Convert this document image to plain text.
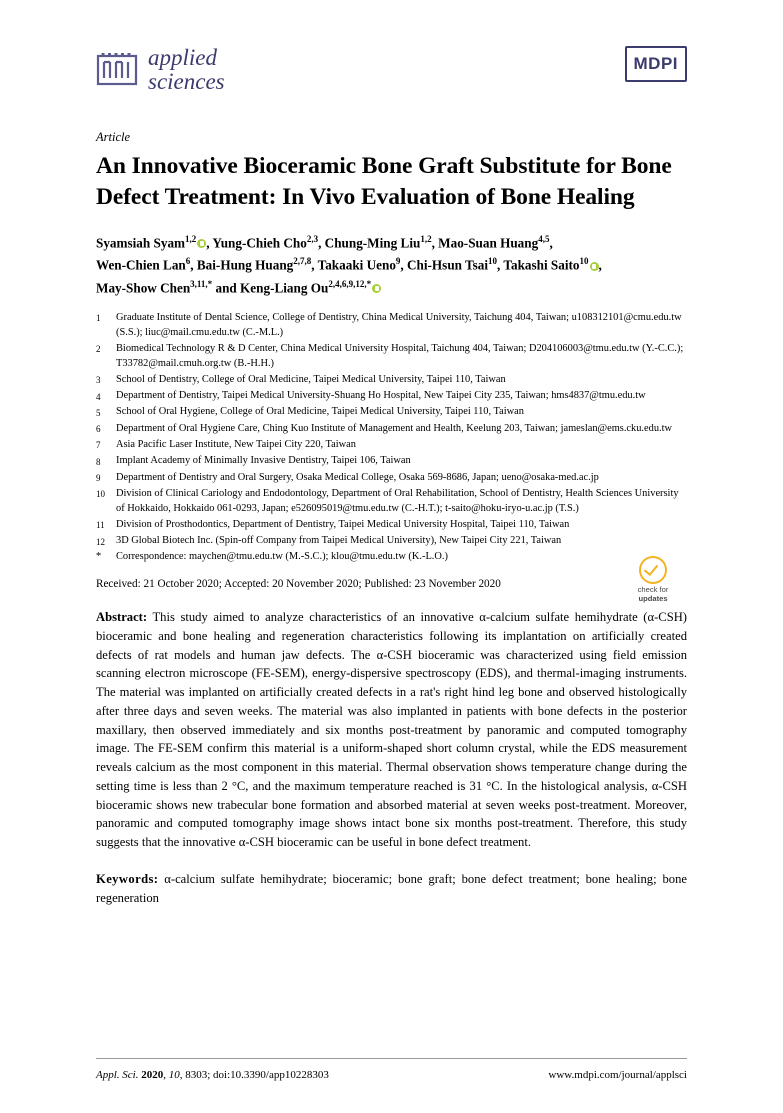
applied
sciences
MDPI
Article
An Innovative Bioceramic Bone Graft Substitute for Bone Defect Treatment: In Vivo Evaluation of Bone Healing
Syamsiah Syam$^{1,2}$ , Yung-Chieh Cho$^{2,3}$, Chung-Ming Liu$^{1,2}$, Mao-Suan Huang$^{4,5}$,
Wen-Chien Lan$^6$, Bai-Hung Huang$^{2,7,8}$, Takaaki Ueno$^9$, Chi-Hsun Tsai$^{10}$, Takashi Saito$^{10}$ ,
May-Show Chen$^{3,11,*}$ and Keng-Liang $Ou^{2,4,6,9,12,*}$
1	Graduate Institute of Dental Science, College of Dentistry, China Medical University, Taichung 404, Taiwan; u108312101@cmu.edu.tw (S.S.); liuc@mail.cmu.edu.tw (C.-M.L.)
2	Biomedical Technology R & D Center, China Medical University Hospital, Taichung 404, Taiwan; D204106003@tmu.edu.tw (Y.-C.C.); T33782@mail.cmuh.org.tw (B.-H.H.)
3	School of Dentistry, College of Oral Medicine, Taipei Medical University, Taipei 110, Taiwan
4	Department of Dentistry, Taipei Medical University-Shuang Ho Hospital, New Taipei City 235, Taiwan; hms4837@tmu.edu.tw
5	School of Oral Hygiene, College of Oral Medicine, Taipei Medical University, Taipei 110, Taiwan
6	Department of Oral Hygiene Care, Ching Kuo Institute of Management and Health, Keelung 203, Taiwan; jameslan@ems.cku.edu.tw
7	Asia Pacific Laser Institute, New Taipei City 220, Taiwan
8	Implant Academy of Minimally Invasive Dentistry, Taipei 106, Taiwan
9	Department of Dentistry and Oral Surgery, Osaka Medical College, Osaka 569-8686, Japan; ueno@osaka-med.ac.jp
10	Division of Clinical Cariology and Endodontology, Department of Oral Rehabilitation, School of Dentistry, Health Sciences University of Hokkaido, Hokkaido 061-0293, Japan; e526095019@tmu.edu.tw (C.-H.T.); t-saito@hoku-iryo-u.ac.jp (T.S.)
11	Division of Prosthodontics, Department of Dentistry, Taipei Medical University Hospital, Taipei 110, Taiwan
12	3D Global Biotech Inc. (Spin-off Company from Taipei Medical University), New Taipei City 221, Taiwan
*	Correspondence: maychen@tmu.edu.tw (M.-S.C.); klou@tmu.edu.tw (K.-L.O.)
Received: 21 October 2020; Accepted: 20 November 2020; Published: 23 November 2020	check for
updates
Abstract: This study aimed to analyze characteristics of an innovative α-calcium sulfate hemihydrate (α-CSH) bioceramic and bone healing and regeneration characteristics following its implantation on artificially created defects of rat models and human jaw defects. The α-CSH bioceramic was characterized using field emission scanning electron microscope (FE-SEM), energy-dispersive spectroscopy (EDS), and thermal-imaging instruments. The material was implanted on artificially created defects in a rat's right hind leg bone and observed histologically after three days and seven weeks. The material was also implanted in patients with bone defects in the posterior maxillary, then observed immediately and six months post-treatment by panoramic and computed tomography image. The FE-SEM confirm this material is a uniform-shaped short column crystal, while the EDS measurement reveals calcium as the most component in this material. Thermal observation shows temperature change during the setting time is less than 2 °C, and the maximum temperature reached is 31 °C. In the histological analysis, α-CSH bioceramic shows new trabecular bone formation and absorbed material at seven weeks post-treatment. Moreover, panoramic and computed tomography image shows intact bone six months post-treatment. Therefore, this study suggests that the innovative α-CSH bioceramic can be useful in bone defect treatment.
Keywords: α-calcium sulfate hemihydrate; bioceramic; bone graft; bone defect treatment; bone healing; bone regeneration
Appl. Sci. 2020, 10, 8303; doi:10.3390/app10228303	www.mdpi.com/journal/applsci
